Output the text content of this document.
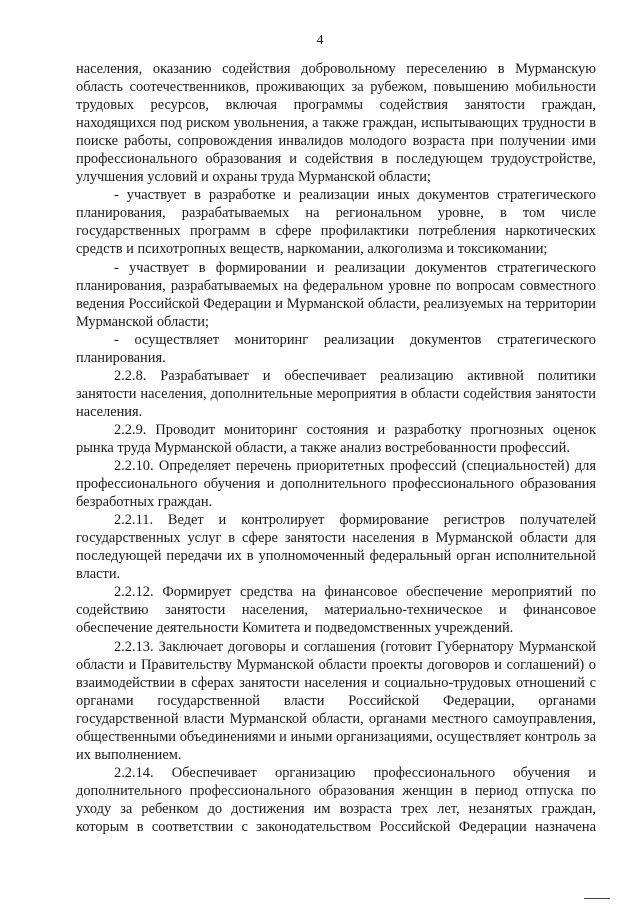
4

населения, оказанию содействия добровольному переселению в Мурманскую область соотечественников, проживающих за рубежом, повышению мобильности трудовых ресурсов, включая программы содействия занятости граждан, находящихся под риском увольнения, а также граждан, испытывающих трудности в поиске работы, сопровождения инвалидов молодого возраста при получении ими профессионального образования и содействия в последующем трудоустройстве, улучшения условий и охраны труда Мурманской области;

- участвует в разработке и реализации иных документов стратегического планирования, разрабатываемых на региональном уровне, в том числе государственных программ в сфере профилактики потребления наркотических средств и психотропных веществ, наркомании, алкоголизма и токсикомании;

- участвует в формировании и реализации документов стратегического планирования, разрабатываемых на федеральном уровне по вопросам совместного ведения Российской Федерации и Мурманской области, реализуемых на территории Мурманской области;

- осуществляет мониторинг реализации документов стратегического планирования.

2.2.8. Разрабатывает и обеспечивает реализацию активной политики занятости населения, дополнительные мероприятия в области содействия занятости населения.

2.2.9. Проводит мониторинг состояния и разработку прогнозных оценок рынка труда Мурманской области, а также анализ востребованности профессий.

2.2.10. Определяет перечень приоритетных профессий (специальностей) для профессионального обучения и дополнительного профессионального образования безработных граждан.

2.2.11. Ведет и контролирует формирование регистров получателей государственных услуг в сфере занятости населения в Мурманской области для последующей передачи их в уполномоченный федеральный орган исполнительной власти.

2.2.12. Формирует средства на финансовое обеспечение мероприятий по содействию занятости населения, материально-техническое и финансовое обеспечение деятельности Комитета и подведомственных учреждений.

2.2.13. Заключает договоры и соглашения (готовит Губернатору Мурманской области и Правительству Мурманской области проекты договоров и соглашений) о взаимодействии в сферах занятости населения и социально-трудовых отношений с органами государственной власти Российской Федерации, органами государственной власти Мурманской области, органами местного самоуправления, общественными объединениями и иными организациями, осуществляет контроль за их выполнением.

2.2.14. Обеспечивает организацию профессионального обучения и дополнительного профессионального образования женщин в период отпуска по уходу за ребенком до достижения им возраста трех лет, незанятых граждан, которым в соответствии с законодательством Российской Федерации назначена
